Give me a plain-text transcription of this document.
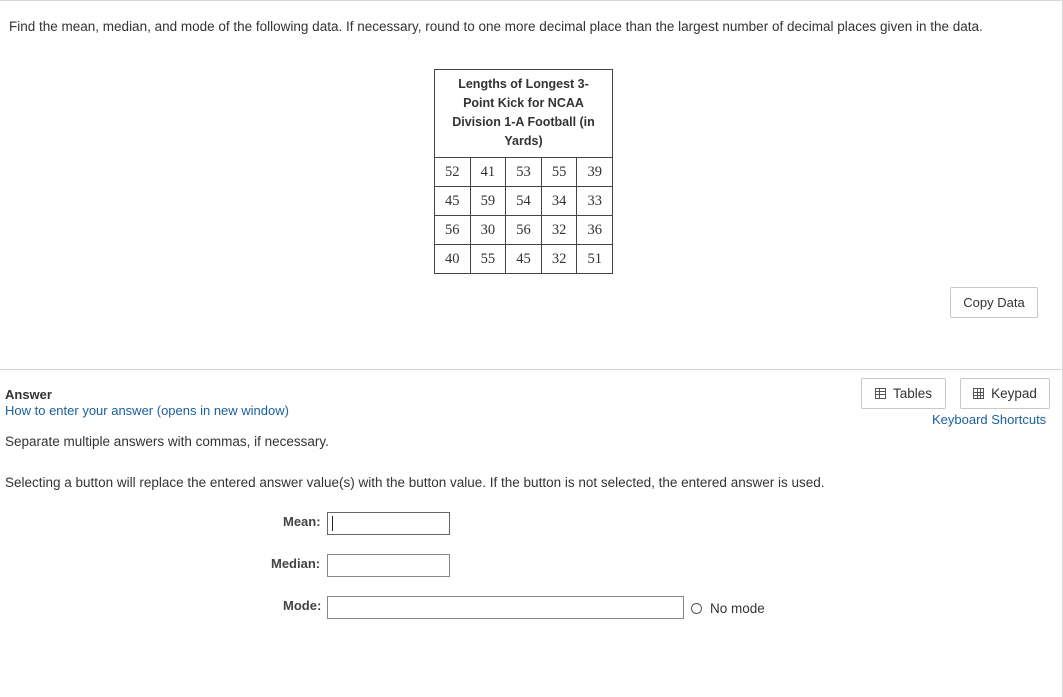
Find the mean, median, and mode of the following data. If necessary, round to one more decimal place than the largest number of decimal places given in the data.
Lengths of Longest 3-
Point Kick for NCAA
Division 1-A Football (in
Yards)
52	41	53	55	39
45	59	54	34	33
56	30	56	32	36
40	55	45	32	51
Copy Data
Answer
How to enter your answer (opens in new window)
Separate multiple answers with commas, if necessary.
Selecting a button will replace the entered answer value(s) with the button value. If the button is not selected, the entered answer is used.
Tables	Keypad
Keyboard Shortcuts
Mean:
Median:
Mode:	No mode
